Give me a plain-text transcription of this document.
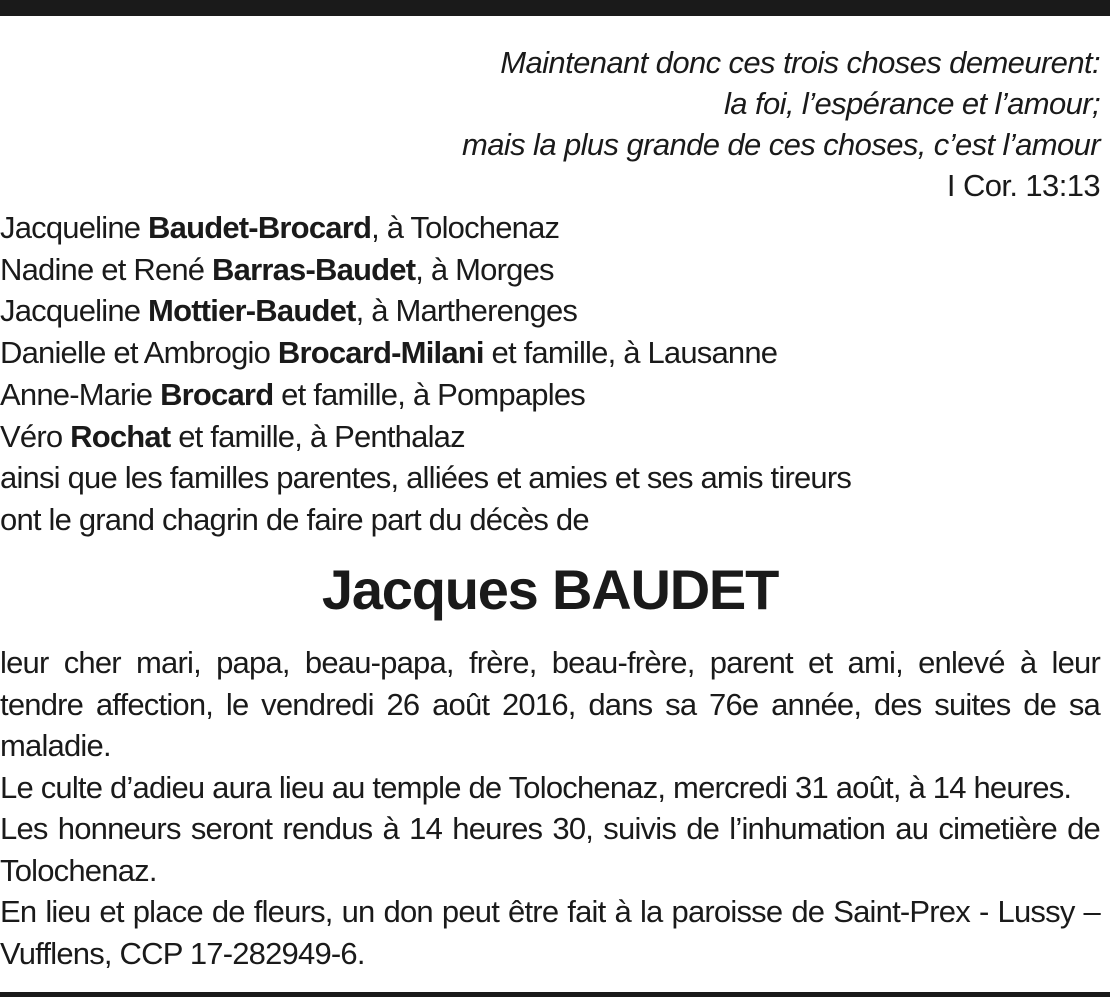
Maintenant donc ces trois choses demeurent:
la foi, l’espérance et l’amour;
mais la plus grande de ces choses, c’est l’amour
I Cor. 13:13
Jacqueline Baudet-Brocard, à Tolochenaz
Nadine et René Barras-Baudet, à Morges
Jacqueline Mottier-Baudet, à Martherenges
Danielle et Ambrogio Brocard-Milani et famille, à Lausanne
Anne-Marie Brocard et famille, à Pompaples
Véro Rochat et famille, à Penthalaz
ainsi que les familles parentes, alliées et amies et ses amis tireurs
ont le grand chagrin de faire part du décès de
Jacques BAUDET

leur cher mari, papa, beau-papa, frère, beau-frère, parent et ami, enlevé à leur tendre affection, le vendredi 26 août 2016, dans sa 76e année, des suites de sa maladie.

Le culte d’adieu aura lieu au temple de Tolochenaz, mercredi 31 août, à 14 heures.

Les honneurs seront rendus à 14 heures 30, suivis de l’inhumation au cimetière de Tolochenaz.

En lieu et place de fleurs, un don peut être fait à la paroisse de Saint-Prex - Lussy – Vufflens, CCP 17-282949-6.
